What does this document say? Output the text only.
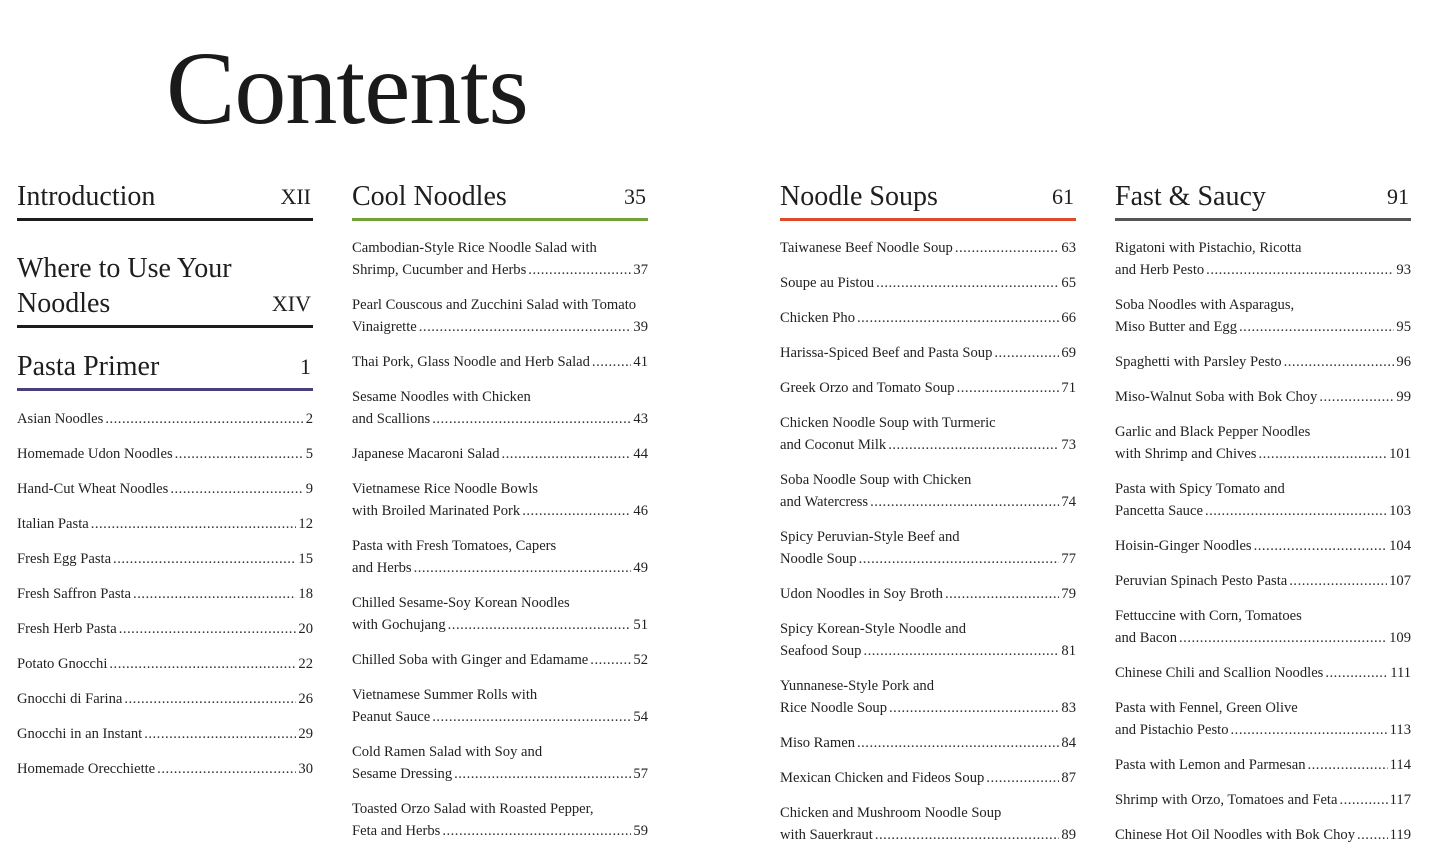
Contents
Introduction	XII
Where to Use Your
Noodles	XIV
Pasta Primer	1
Asian Noodles .....	2
Homemade Udon Noodles .....	5
Hand-Cut Wheat Noodles .....	9
Italian Pasta .....	12
Fresh Egg Pasta .....	15
Fresh Saffron Pasta .....	18
Fresh Herb Pasta .....	20
Potato Gnocchi .....	22
Gnocchi di Farina .....	26
Gnocchi in an Instant .....	29
Homemade Orecchiette .....	30
Cool Noodles	35
Cambodian-Style Rice Noodle Salad with
Shrimp, Cucumber and Herbs .....	37
Pearl Couscous and Zucchini Salad with Tomato
Vinaigrette .....	39
Thai Pork, Glass Noodle and Herb Salad .....	41
Sesame Noodles with Chicken
and Scallions .....	43
Japanese Macaroni Salad .....	44
Vietnamese Rice Noodle Bowls
with Broiled Marinated Pork .....	46
Pasta with Fresh Tomatoes, Capers
and Herbs .....	49
Chilled Sesame-Soy Korean Noodles
with Gochujang .....	51
Chilled Soba with Ginger and Edamame .....	52
Vietnamese Summer Rolls with
Peanut Sauce .....	54
Cold Ramen Salad with Soy and
Sesame Dressing .....	57
Toasted Orzo Salad with Roasted Pepper,
Feta and Herbs .....	59
Noodle Soups	61
Taiwanese Beef Noodle Soup .....	63
Soupe au Pistou .....	65
Chicken Pho .....	66
Harissa-Spiced Beef and Pasta Soup .....	69
Greek Orzo and Tomato Soup .....	71
Chicken Noodle Soup with Turmeric
and Coconut Milk .....	73
Soba Noodle Soup with Chicken
and Watercress .....	74
Spicy Peruvian-Style Beef and
Noodle Soup .....	77
Udon Noodles in Soy Broth .....	79
Spicy Korean-Style Noodle and
Seafood Soup .....	81
Yunnanese-Style Pork and
Rice Noodle Soup .....	83
Miso Ramen .....	84
Mexican Chicken and Fideos Soup .....	87
Chicken and Mushroom Noodle Soup
with Sauerkraut .....	89
Fast & Saucy	91
Rigatoni with Pistachio, Ricotta
and Herb Pesto .....	93
Soba Noodles with Asparagus,
Miso Butter and Egg .....	95
Spaghetti with Parsley Pesto .....	96
Miso-Walnut Soba with Bok Choy .....	99
Garlic and Black Pepper Noodles
with Shrimp and Chives .....	101
Pasta with Spicy Tomato and
Pancetta Sauce .....	103
Hoisin-Ginger Noodles .....	104
Peruvian Spinach Pesto Pasta .....	107
Fettuccine with Corn, Tomatoes
and Bacon .....	109
Chinese Chili and Scallion Noodles .....	111
Pasta with Fennel, Green Olive
and Pistachio Pesto .....	113
Pasta with Lemon and Parmesan .....	114
Shrimp with Orzo, Tomatoes and Feta .....	117
Chinese Hot Oil Noodles with Bok Choy ..... 119
